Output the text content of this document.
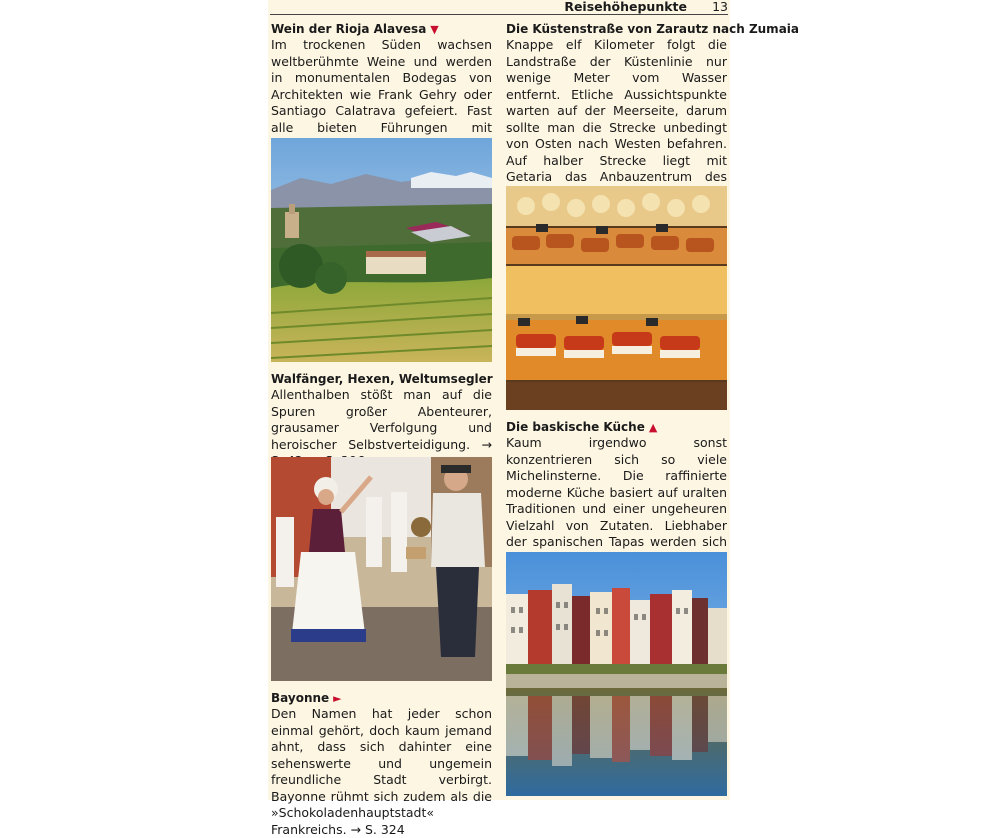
Reisehöhepunkte	13
Wein der Rioja Alavesa ▼
Im trockenen Süden wachsen weltberühmte Weine und werden in monumentalen Bodegas von Architekten wie Frank Gehry oder Santiago Calatrava gefeiert. Fast alle bieten Führungen mit
Walfänger, Hexen, Weltumsegler
Allenthalben stößt man auf die Spuren großer Abenteurer, grausamer Verfolgung und heroischer Selbstverteidigung. →
Bayonne ►
Den Namen hat jeder schon einmal gehört, doch kaum jemand ahnt, dass sich dahinter eine sehenswerte und ungemein freundliche Stadt verbirgt. Bayonne rühmt sich zudem als die »Schokoladenhauptstadt« Frankreichs. → S. 324
Die Küstenstraße von Zarautz nach Zumaia
Knappe elf Kilometer folgt die Landstraße der Küstenlinie nur wenige Meter vom Wasser entfernt. Etliche Aussichtspunkte warten auf der Meerseite, darum sollte man die Strecke unbedingt von Osten nach Westen befahren. Auf halber Strecke liegt mit Getaria das Anbauzentrum des
Die baskische Küche ▲
Kaum irgendwo sonst konzentrieren sich so viele Michelinsterne. Die raffinierte moderne Küche basiert auf uralten Traditionen und einer ungeheuren Vielzahl von Zutaten. Liebhaber der spanischen Tapas werden sich
